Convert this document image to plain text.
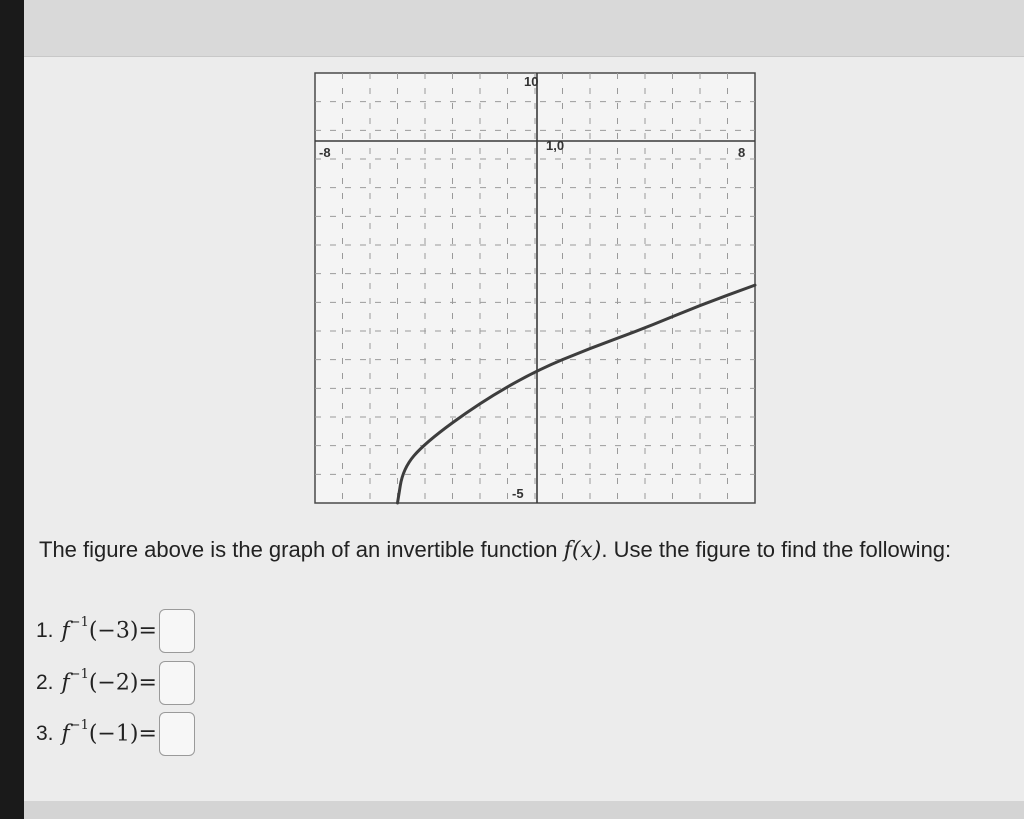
-8	8
1,0
10
-5
The figure above is the graph of an invertible function f(x). Use the figure to find the following:
1. $f^{-1}(-3)=$
2. $f^{-1}(-2)=$
3. $f^{-1}(-1)=$
